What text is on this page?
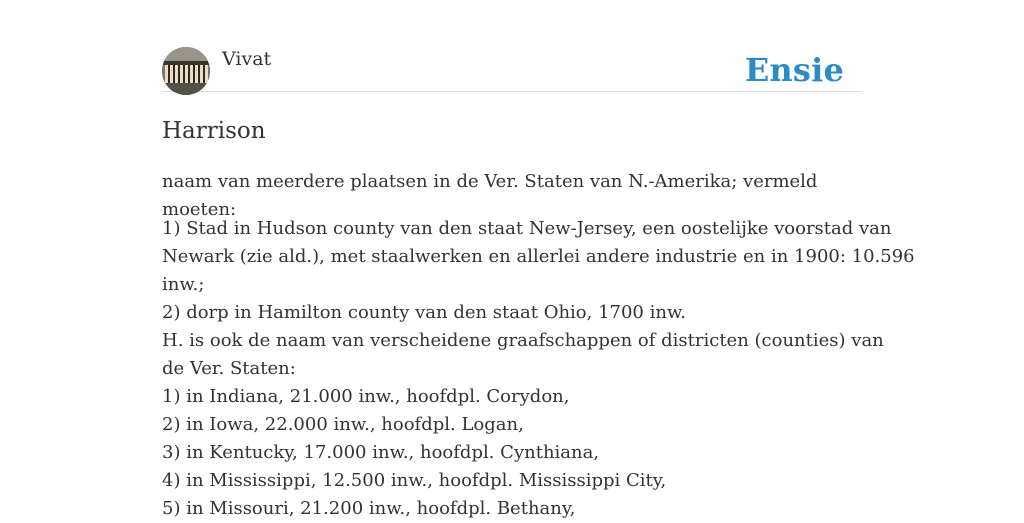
Vivat	Ensie
Harrison

naam van meerdere plaatsen in de Ver. Staten van N.-Amerika; vermeld moeten:

1) Stad in Hudson county van den staat New-Jersey, een oostelijke voorstad van
Newark (zie ald.), met staalwerken en allerlei andere industrie en in 1900: 10.596
inw.;
2) dorp in Hamilton county van den staat Ohio, 1700 inw.
H. is ook de naam van verscheidene graafschappen of districten (counties) van
de Ver. Staten:
1) in Indiana, 21.000 inw., hoofdpl. Corydon,
2) in Iowa, 22.000 inw., hoofdpl. Logan,
3) in Kentucky, 17.000 inw., hoofdpl. Cynthiana,
4) in Mississippi, 12.500 inw., hoofdpl. Mississippi City,
5) in Missouri, 21.200 inw., hoofdpl. Bethany,
